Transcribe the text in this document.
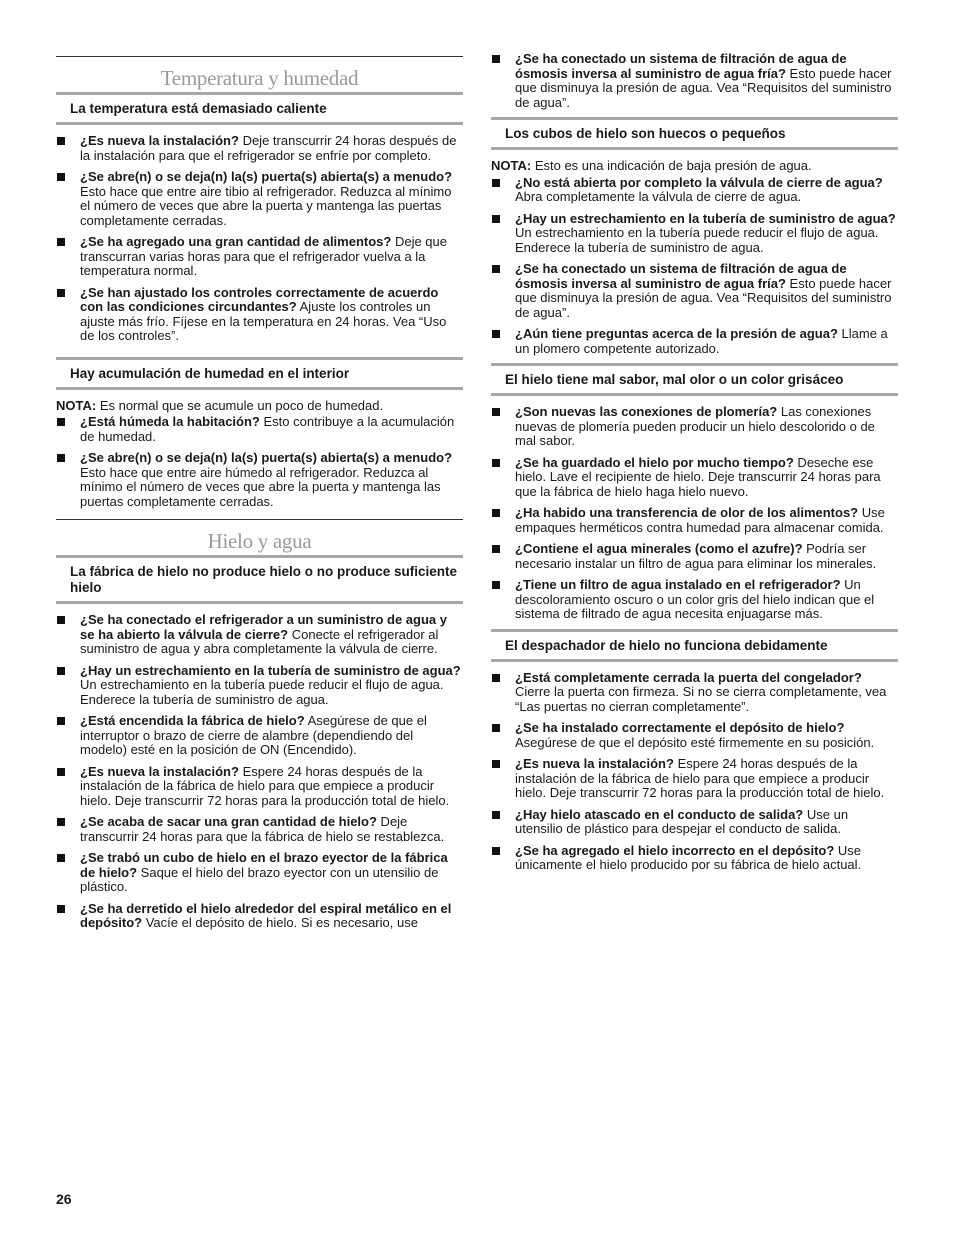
Temperatura y humedad
La temperatura está demasiado caliente
¿Es nueva la instalación? Deje transcurrir 24 horas después de la instalación para que el refrigerador se enfríe por completo.
¿Se abre(n) o se deja(n) la(s) puerta(s) abierta(s) a menudo? Esto hace que entre aire tibio al refrigerador. Reduzca al mínimo el número de veces que abre la puerta y mantenga las puertas completamente cerradas.
¿Se ha agregado una gran cantidad de alimentos? Deje que transcurran varias horas para que el refrigerador vuelva a la temperatura normal.
¿Se han ajustado los controles correctamente de acuerdo con las condiciones circundantes? Ajuste los controles un ajuste más frío. Fíjese en la temperatura en 24 horas. Vea “Uso de los controles”.
Hay acumulación de humedad en el interior
NOTA: Es normal que se acumule un poco de humedad.
¿Está húmeda la habitación? Esto contribuye a la acumulación de humedad.
¿Se abre(n) o se deja(n) la(s) puerta(s) abierta(s) a menudo? Esto hace que entre aire húmedo al refrigerador. Reduzca al mínimo el número de veces que abre la puerta y mantenga las puertas completamente cerradas.
Hielo y agua
La fábrica de hielo no produce hielo o no produce suficiente hielo
¿Se ha conectado el refrigerador a un suministro de agua y se ha abierto la válvula de cierre? Conecte el refrigerador al suministro de agua y abra completamente la válvula de cierre.
¿Hay un estrechamiento en la tubería de suministro de agua? Un estrechamiento en la tubería puede reducir el flujo de agua. Enderece la tubería de suministro de agua.
¿Está encendida la fábrica de hielo? Asegúrese de que el interruptor o brazo de cierre de alambre (dependiendo del modelo) esté en la posición de ON (Encendido).
¿Es nueva la instalación? Espere 24 horas después de la instalación de la fábrica de hielo para que empiece a producir hielo. Deje transcurrir 72 horas para la producción total de hielo.
¿Se acaba de sacar una gran cantidad de hielo? Deje transcurrir 24 horas para que la fábrica de hielo se restablezca.
¿Se trabó un cubo de hielo en el brazo eyector de la fábrica de hielo? Saque el hielo del brazo eyector con un utensilio de plástico.
¿Se ha derretido el hielo alrededor del espiral metálico en el depósito? Vacíe el depósito de hielo. Si es necesario, use
¿Se ha conectado un sistema de filtración de agua de ósmosis inversa al suministro de agua fría? Esto puede hacer que disminuya la presión de agua. Vea “Requisitos del suministro de agua”.
Los cubos de hielo son huecos o pequeños
NOTA: Esto es una indicación de baja presión de agua.
¿No está abierta por completo la válvula de cierre de agua? Abra completamente la válvula de cierre de agua.
¿Hay un estrechamiento en la tubería de suministro de agua? Un estrechamiento en la tubería puede reducir el flujo de agua. Enderece la tubería de suministro de agua.
¿Se ha conectado un sistema de filtración de agua de ósmosis inversa al suministro de agua fría? Esto puede hacer que disminuya la presión de agua. Vea “Requisitos del suministro de agua”.
¿Aún tiene preguntas acerca de la presión de agua? Llame a un plomero competente autorizado.
El hielo tiene mal sabor, mal olor o un color grisáceo
¿Son nuevas las conexiones de plomería? Las conexiones nuevas de plomería pueden producir un hielo descolorido o de mal sabor.
¿Se ha guardado el hielo por mucho tiempo? Deseche ese hielo. Lave el recipiente de hielo. Deje transcurrir 24 horas para que la fábrica de hielo haga hielo nuevo.
¿Ha habido una transferencia de olor de los alimentos? Use empaques herméticos contra humedad para almacenar comida.
¿Contiene el agua minerales (como el azufre)? Podría ser necesario instalar un filtro de agua para eliminar los minerales.
¿Tiene un filtro de agua instalado en el refrigerador? Un descoloramiento oscuro o un color gris del hielo indican que el sistema de filtrado de agua necesita enjuagarse más.
El despachador de hielo no funciona debidamente
¿Está completamente cerrada la puerta del congelador? Cierre la puerta con firmeza. Si no se cierra completamente, vea “Las puertas no cierran completamente”.
¿Se ha instalado correctamente el depósito de hielo? Asegúrese de que el depósito esté firmemente en su posición.
¿Es nueva la instalación? Espere 24 horas después de la instalación de la fábrica de hielo para que empiece a producir hielo. Deje transcurrir 72 horas para la producción total de hielo.
¿Hay hielo atascado en el conducto de salida? Use un utensilio de plástico para despejar el conducto de salida.
¿Se ha agregado el hielo incorrecto en el depósito? Use únicamente el hielo producido por su fábrica de hielo actual.
26
